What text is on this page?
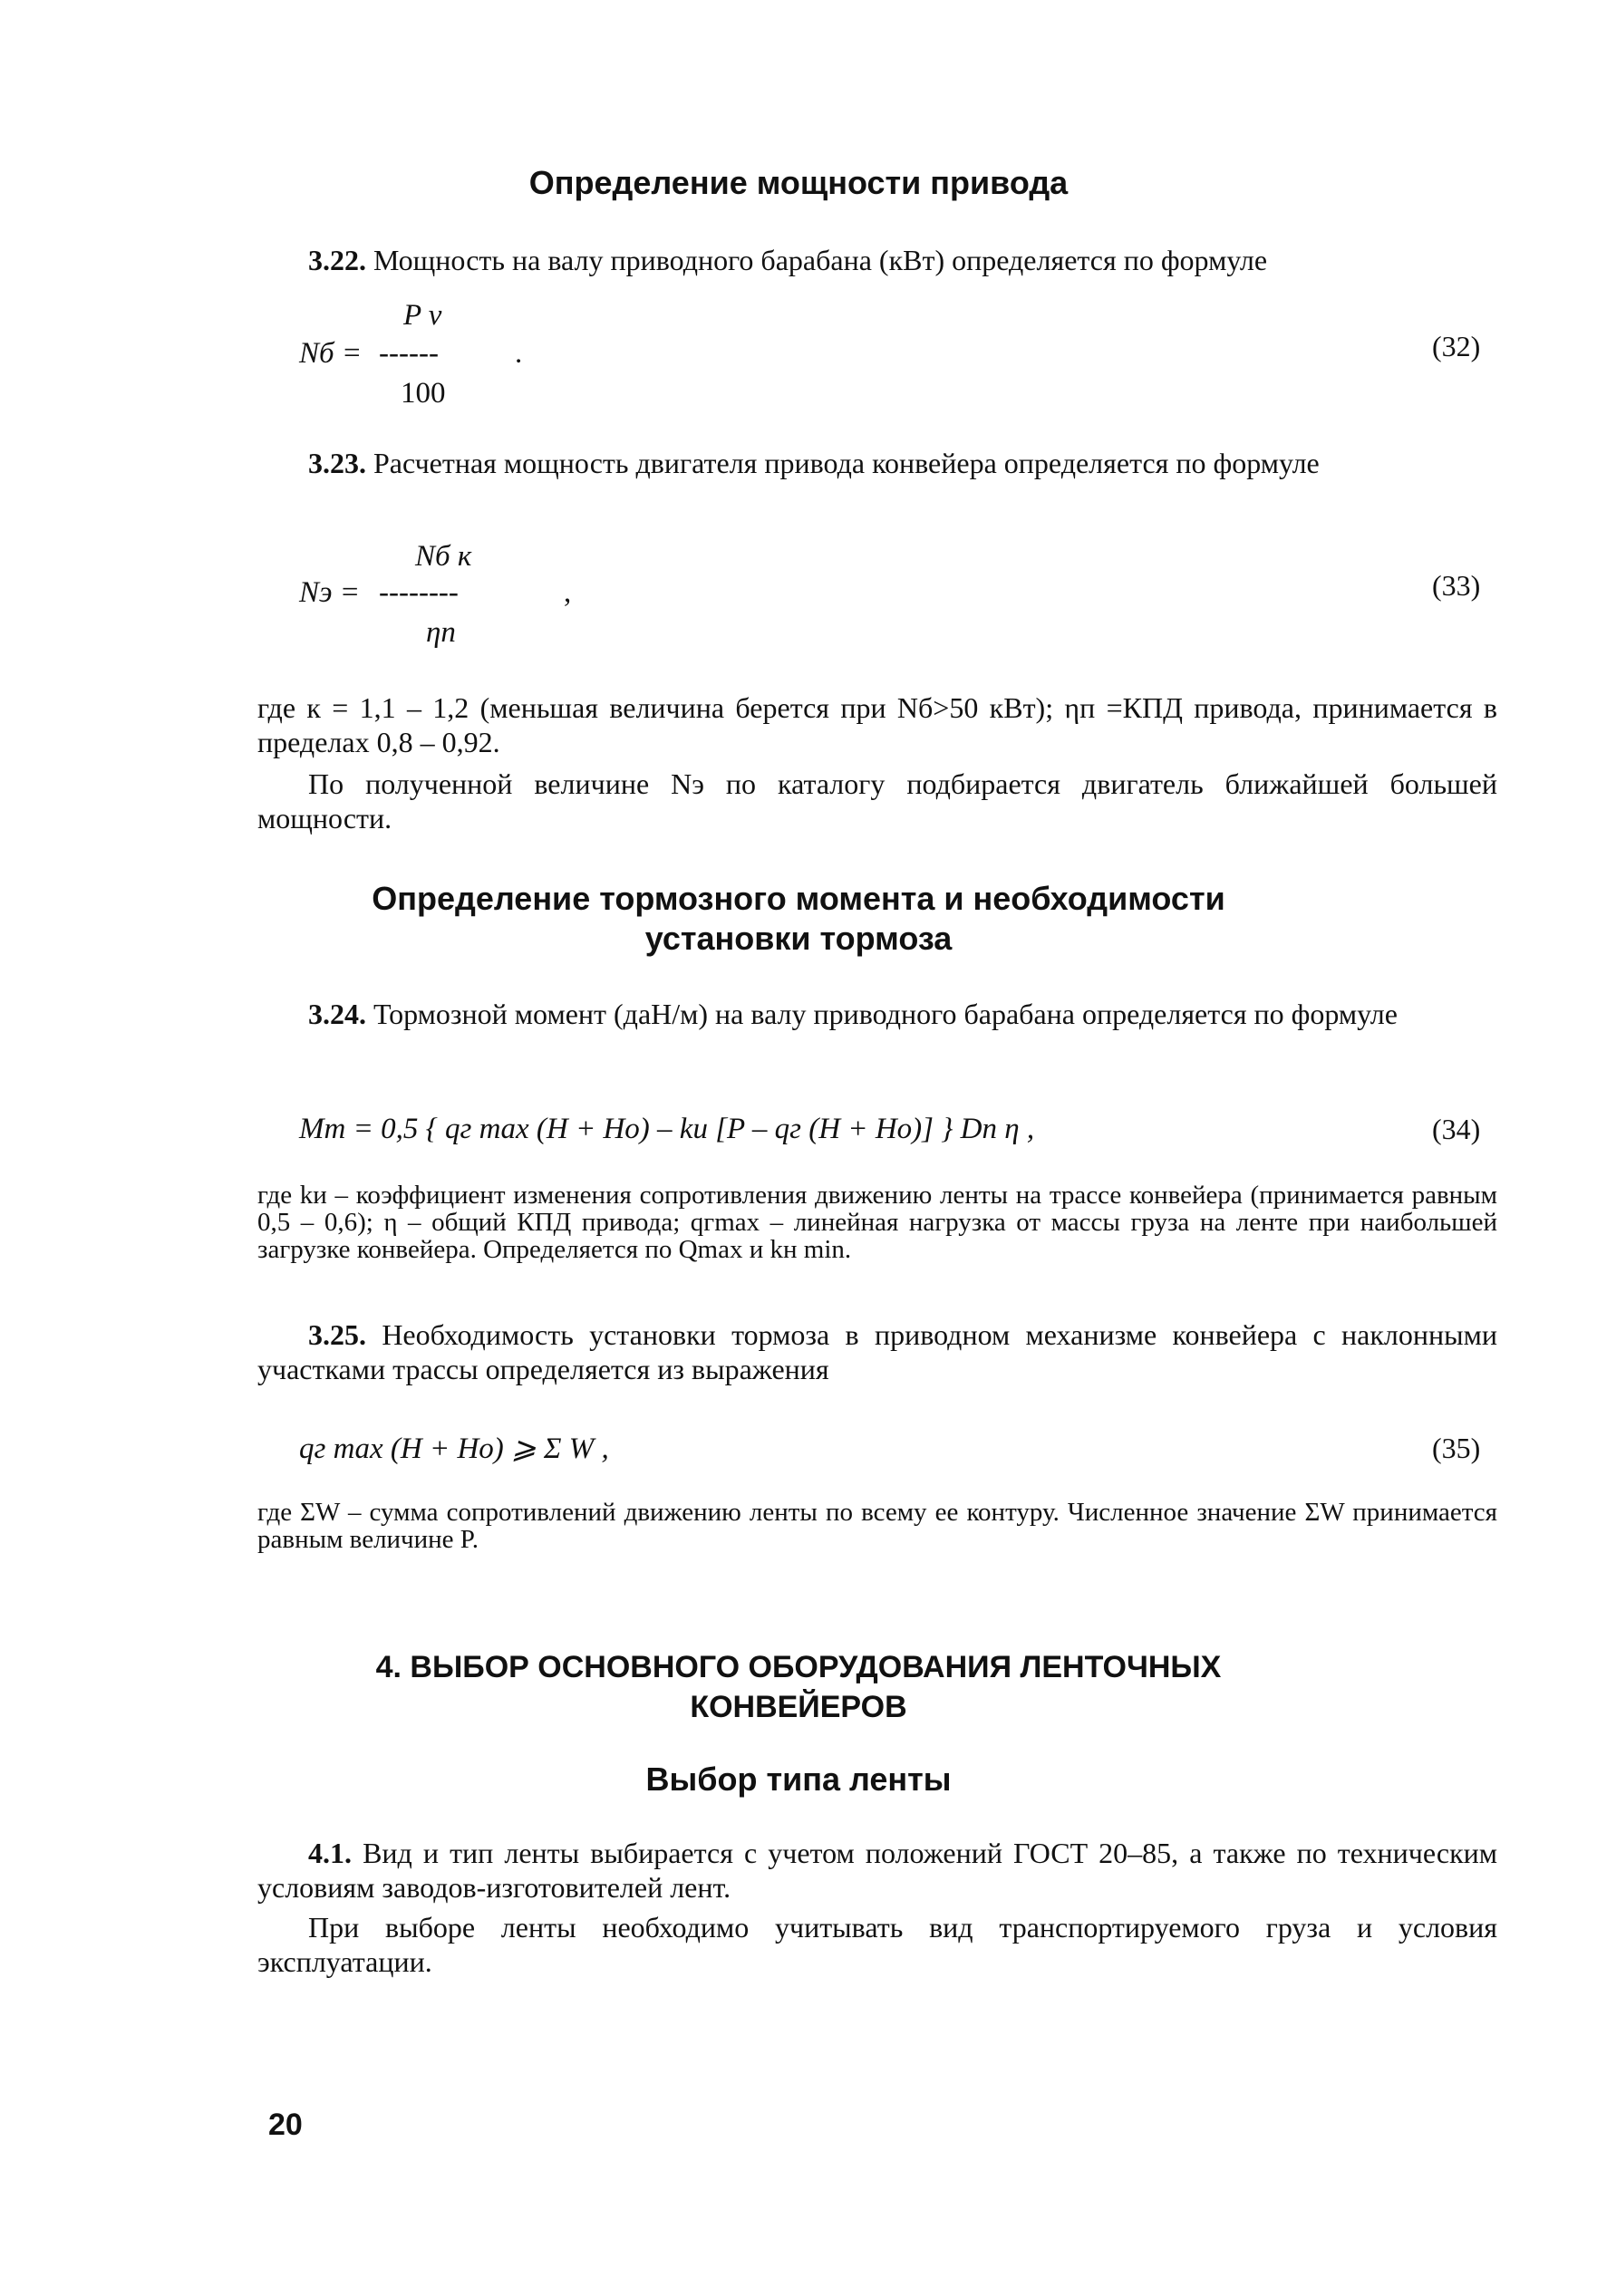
Определение мощности привода
3.22. Мощность на валу приводного барабана (кВт) определяется по формуле
P v
Nб = ------	.
100
(32)
3.23. Расчетная мощность двигателя привода конвейера определяется по формуле
Nб к
Nэ = --------	,
ηп
(33)
где к = 1,1 – 1,2 (меньшая величина берется при Nб>50 кВт); ηп =КПД привода, принимается в пределах 0,8 – 0,92.
По полученной величине Nэ по каталогу подбирается двигатель ближайшей большей мощности.
Определение тормозного момента и необходимости
установки тормоза
3.24. Тормозной момент (даН/м) на валу приводного барабана определяется по формуле
Mт = 0,5 { qг max (H + Hо) – kи [P – qг (H + Hо)] } Dп η ,	(34)
где kи – коэффициент изменения сопротивления движению ленты на трассе конвейера (принимается равным 0,5 – 0,6); η – общий КПД привода; qгmax – линейная нагрузка от массы груза на ленте при наибольшей загрузке конвейера. Определяется по Qmax и kн min.
3.25. Необходимость установки тормоза в приводном механизме конвейера с наклонными участками трассы определяется из выражения
qг max (H + Hо) ⩾ Σ W ,	(35)
где ΣW – сумма сопротивлений движению ленты по всему ее контуру. Численное значение ΣW принимается равным величине P.
4. ВЫБОР ОСНОВНОГО ОБОРУДОВАНИЯ ЛЕНТОЧНЫХ
КОНВЕЙЕРОВ
Выбор типа ленты
4.1. Вид и тип ленты выбирается с учетом положений ГОСТ 20–85, а также по техническим условиям заводов-изготовителей лент.
При выборе ленты необходимо учитывать вид транспортируемого груза и условия эксплуатации.
20
